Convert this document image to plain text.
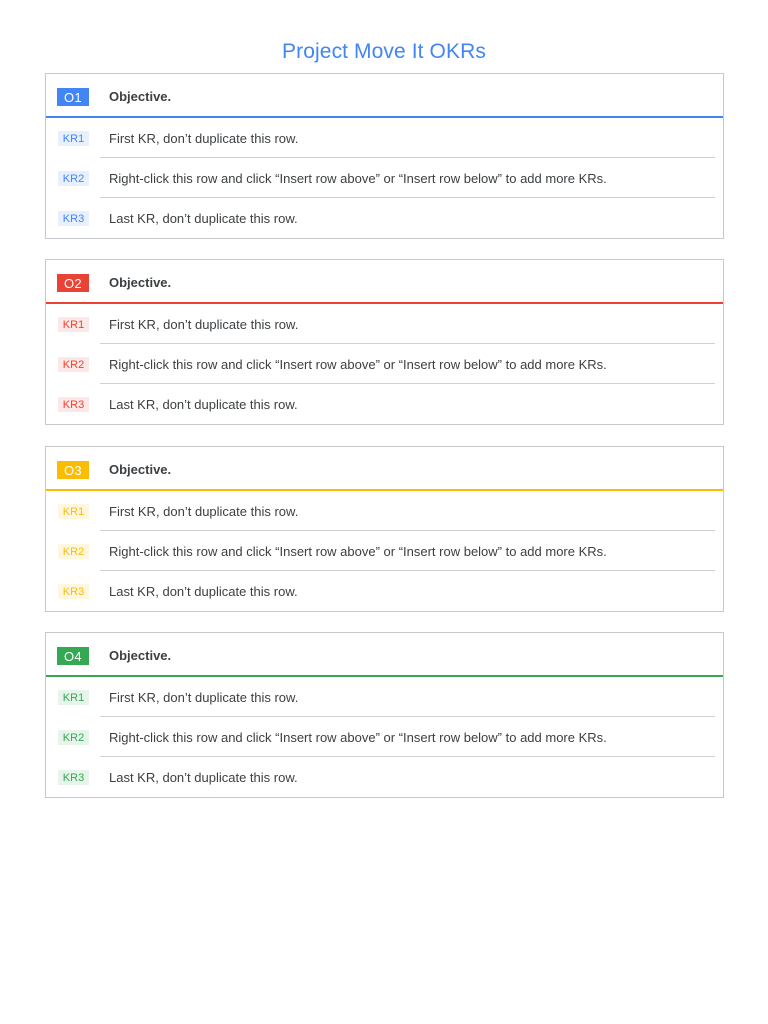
Project Move It OKRs
O1	Objective.
KR1	First KR, don’t duplicate this row.
KR2	Right-click this row and click “Insert row above” or “Insert row below” to add more KRs.
KR3	Last KR, don’t duplicate this row.
O2	Objective.
KR1	First KR, don’t duplicate this row.
KR2	Right-click this row and click “Insert row above” or “Insert row below” to add more KRs.
KR3	Last KR, don’t duplicate this row.
O3	Objective.
KR1	First KR, don’t duplicate this row.
KR2	Right-click this row and click “Insert row above” or “Insert row below” to add more KRs.
KR3	Last KR, don’t duplicate this row.
O4	Objective.
KR1	First KR, don’t duplicate this row.
KR2	Right-click this row and click “Insert row above” or “Insert row below” to add more KRs.
KR3	Last KR, don’t duplicate this row.
